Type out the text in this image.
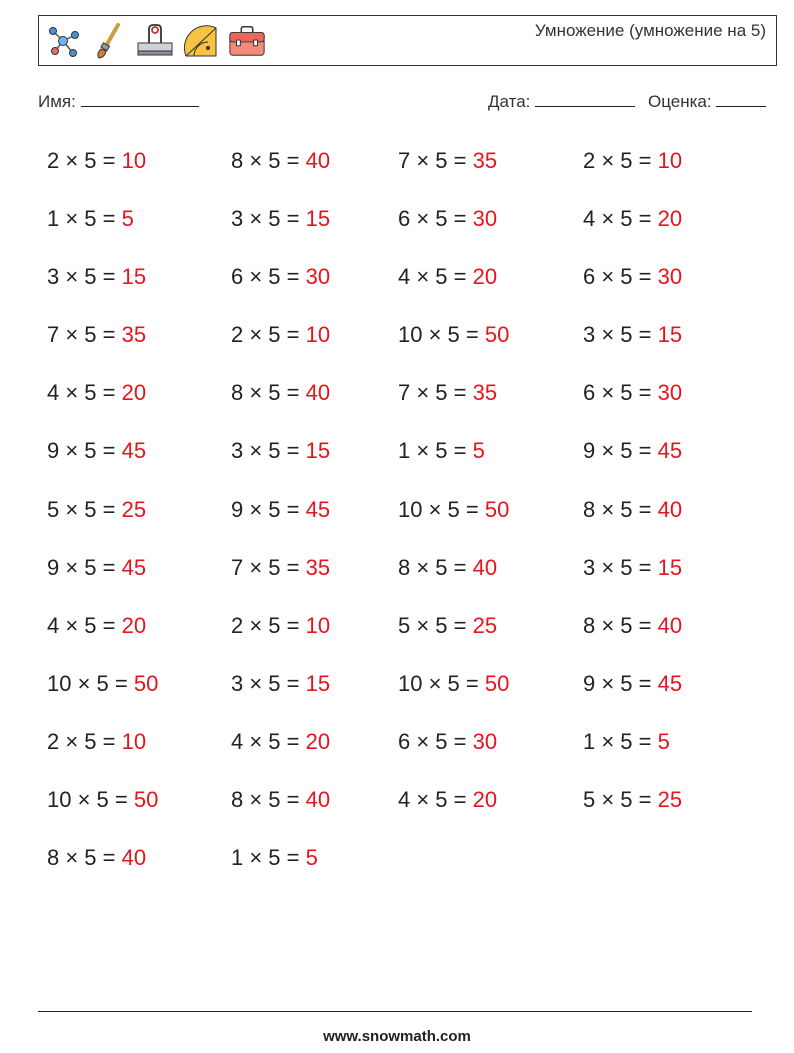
Умножение (умножение на 5)
Имя:	Дата:	Оценка:
2 × 5 = 10	8 × 5 = 40	7 × 5 = 35	2 × 5 = 10
1 × 5 = 5	3 × 5 = 15	6 × 5 = 30	4 × 5 = 20
3 × 5 = 15	6 × 5 = 30	4 × 5 = 20	6 × 5 = 30
7 × 5 = 35	2 × 5 = 10	10 × 5 = 50	3 × 5 = 15
4 × 5 = 20	8 × 5 = 40	7 × 5 = 35	6 × 5 = 30
9 × 5 = 45	3 × 5 = 15	1 × 5 = 5	9 × 5 = 45
5 × 5 = 25	9 × 5 = 45	10 × 5 = 50	8 × 5 = 40
9 × 5 = 45	7 × 5 = 35	8 × 5 = 40	3 × 5 = 15
4 × 5 = 20	2 × 5 = 10	5 × 5 = 25	8 × 5 = 40
10 × 5 = 50	3 × 5 = 15	10 × 5 = 50	9 × 5 = 45
2 × 5 = 10	4 × 5 = 20	6 × 5 = 30	1 × 5 = 5
10 × 5 = 50	8 × 5 = 40	4 × 5 = 20	5 × 5 = 25
8 × 5 = 40	1 × 5 = 5
www.snowmath.com
